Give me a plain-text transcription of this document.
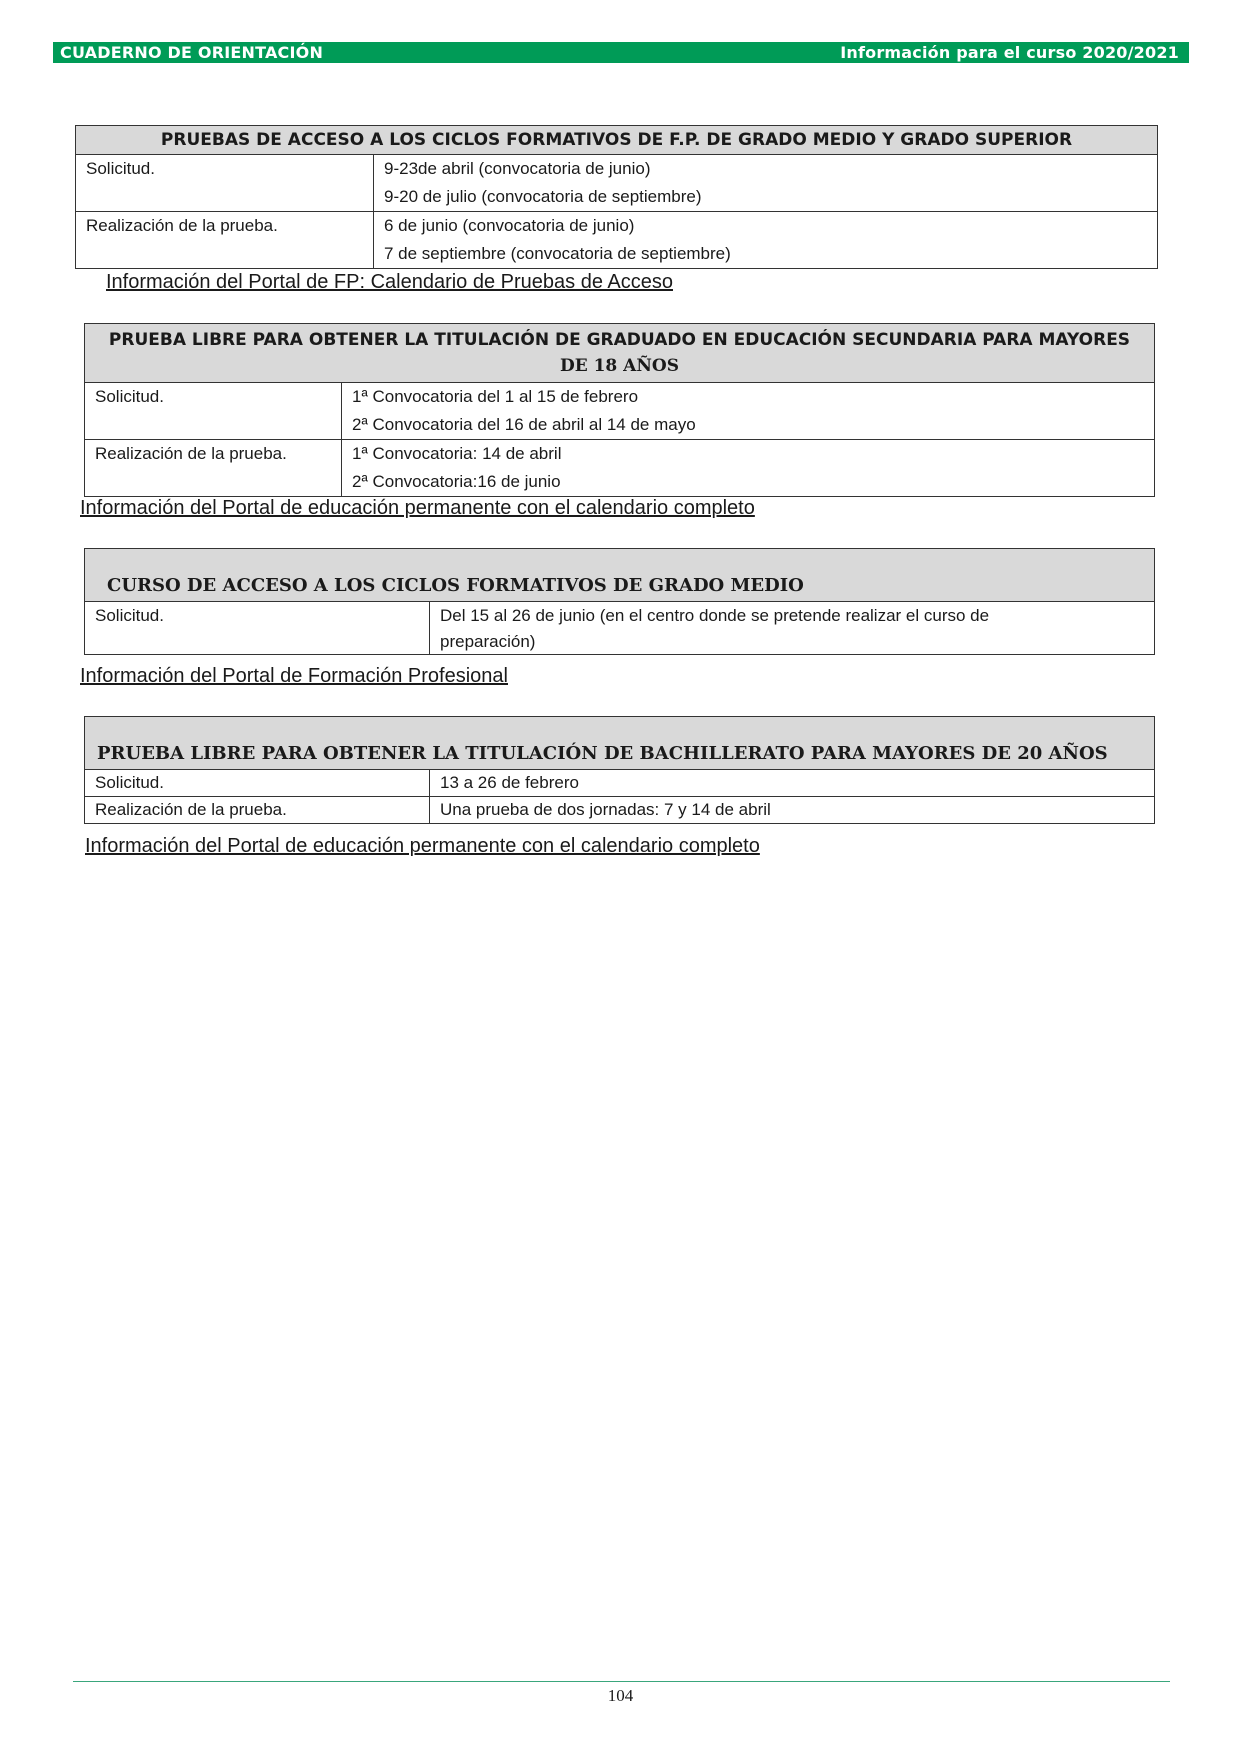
CUADERNO DE ORIENTACIÓN	Información para el curso 2020/2021
PRUEBAS DE ACCESO A LOS CICLOS FORMATIVOS DE F.P. DE GRADO MEDIO Y GRADO SUPERIOR	

Solicitud.	9-23de abril (convocatoria de junio)
9-20 de julio (convocatoria de septiembre)

Realización de la prueba.	6 de junio (convocatoria de junio)
7 de septiembre (convocatoria de septiembre)
Información del Portal de FP: Calendario de Pruebas de Acceso
PRUEBA LIBRE PARA OBTENER LA TITULACIÓN DE GRADUADO EN EDUCACIÓN SECUNDARIA PARA MAYORES
DE 18 AÑOS	

Solicitud.	1ª Convocatoria del 1 al 15 de febrero
2ª Convocatoria del 16 de abril al 14 de mayo

Realización de la prueba.	1ª Convocatoria: 14 de abril
2ª Convocatoria:16 de junio
Información del Portal de educación permanente con el calendario completo
CURSO DE ACCESO A LOS CICLOS FORMATIVOS DE GRADO MEDIO

Solicitud.	Del 15 al 26 de junio (en el centro donde se pretende realizar el curso de
preparación)
Información del Portal de Formación Profesional
PRUEBA LIBRE PARA OBTENER LA TITULACIÓN DE BACHILLERATO PARA MAYORES DE 20 AÑOS	

Solicitud.	13 a 26 de febrero

Realización de la prueba.	Una prueba de dos jornadas: 7 y 14 de abril
Información del Portal de educación permanente con el calendario completo
104
